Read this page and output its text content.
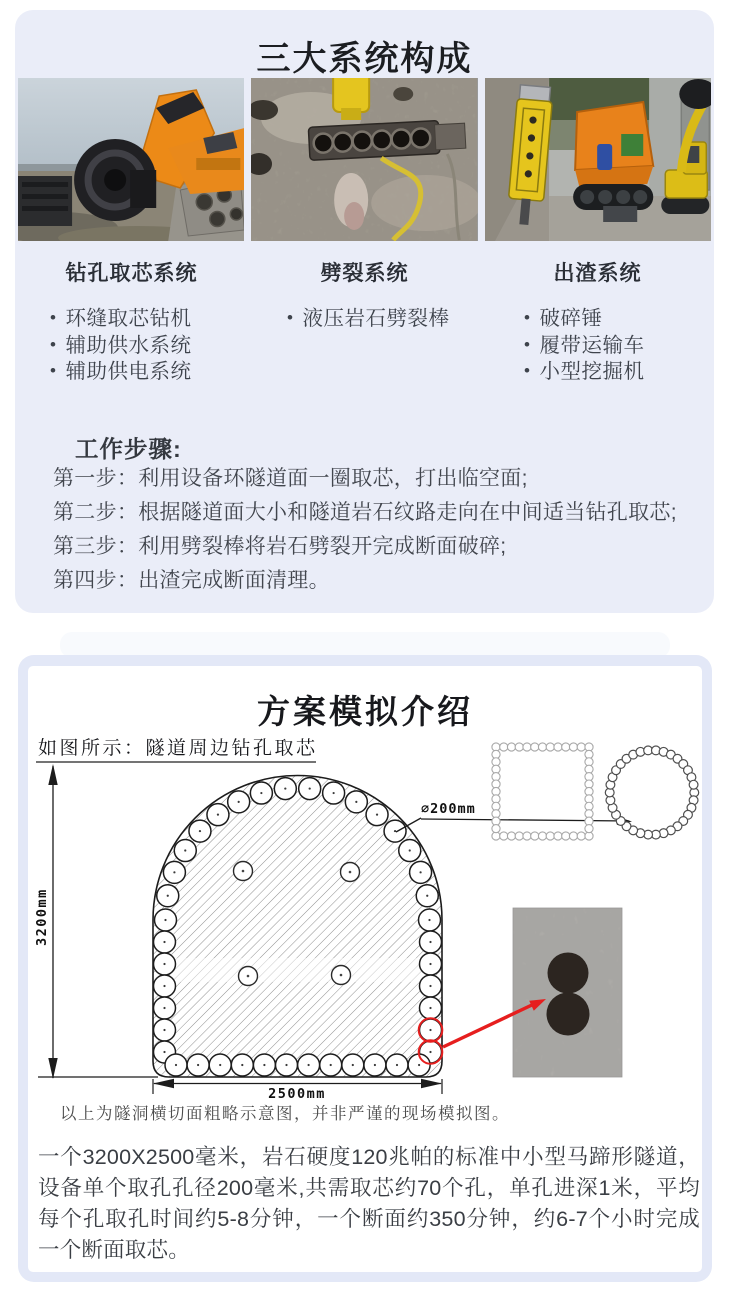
三大系统构成
钻孔取芯系统	劈裂系统	出渣系统
• 环缝取芯钻机
• 辅助供水系统
• 辅助供电系统
• 液压岩石劈裂棒	• 破碎锤
• 履带运输车
• 小型挖掘机
工作步骤:
第一步：利用设备环隧道面一圈取芯，打出临空面;
第二步：根据隧道面大小和隧道岩石纹路走向在中间适当钻孔取芯;
第三步：利用劈裂棒将岩石劈裂开完成断面破碎;
第四步：出渣完成断面清理。
方案模拟介绍
如图所示：隧道周边钻孔取芯
3200mm
∅200mm
2500mm
以上为隧洞横切面粗略示意图，并非严谨的现场模拟图。
一个3200X2500毫米，岩石硬度120兆帕的标准中小型马蹄形隧道，设备单个取孔孔径200毫米,共需取芯约70个孔，单孔进深1米，平均每个孔取孔时间约5-8分钟，一个断面约350分钟，约6-7个小时完成一个断面取芯。
